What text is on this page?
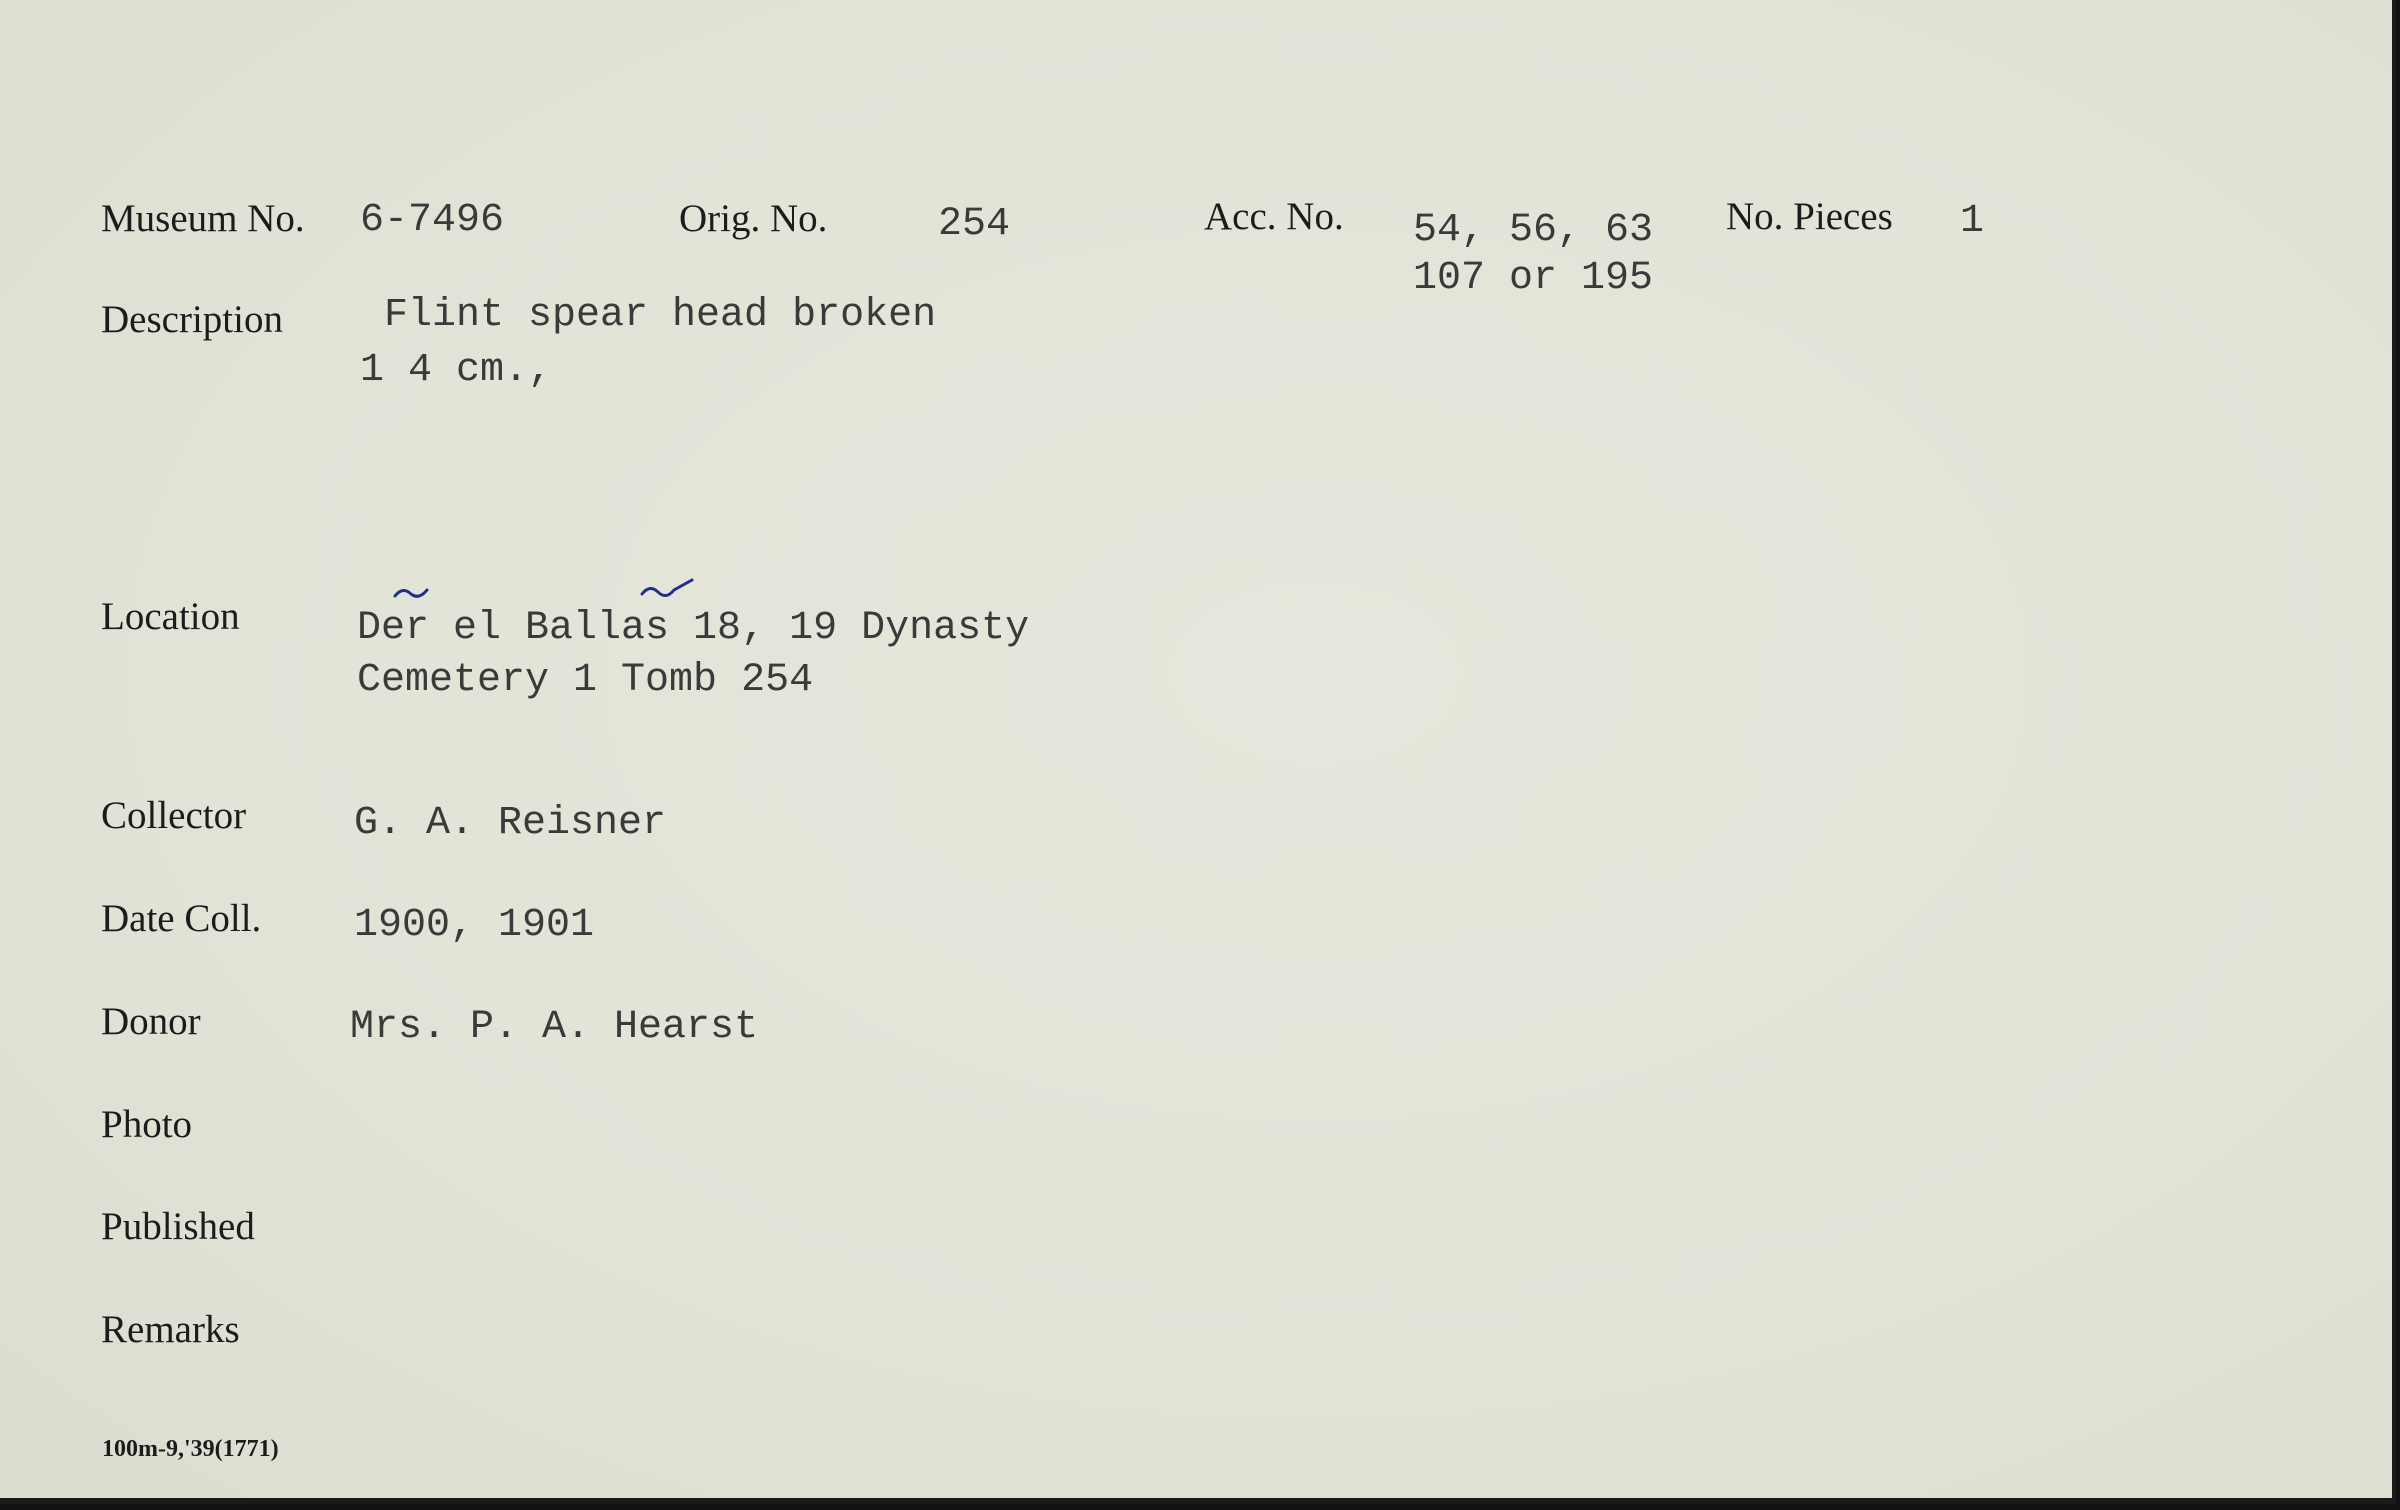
Museum No. 6-7496	Orig. No.	254	Acc. No. 54, 56, 63
107 or 195
No. Pieces 1
Description	Flint spear head broken
1 4 cm.,
Location	Der el Ballas 18, 19 Dynasty
Cemetery 1 Tomb 254
Collector	G. A. Reisner
Date Coll. 1900, 1901
Donor	Mrs. P. A. Hearst
Photo
Published
Remarks
100m-9,'39(1771)
